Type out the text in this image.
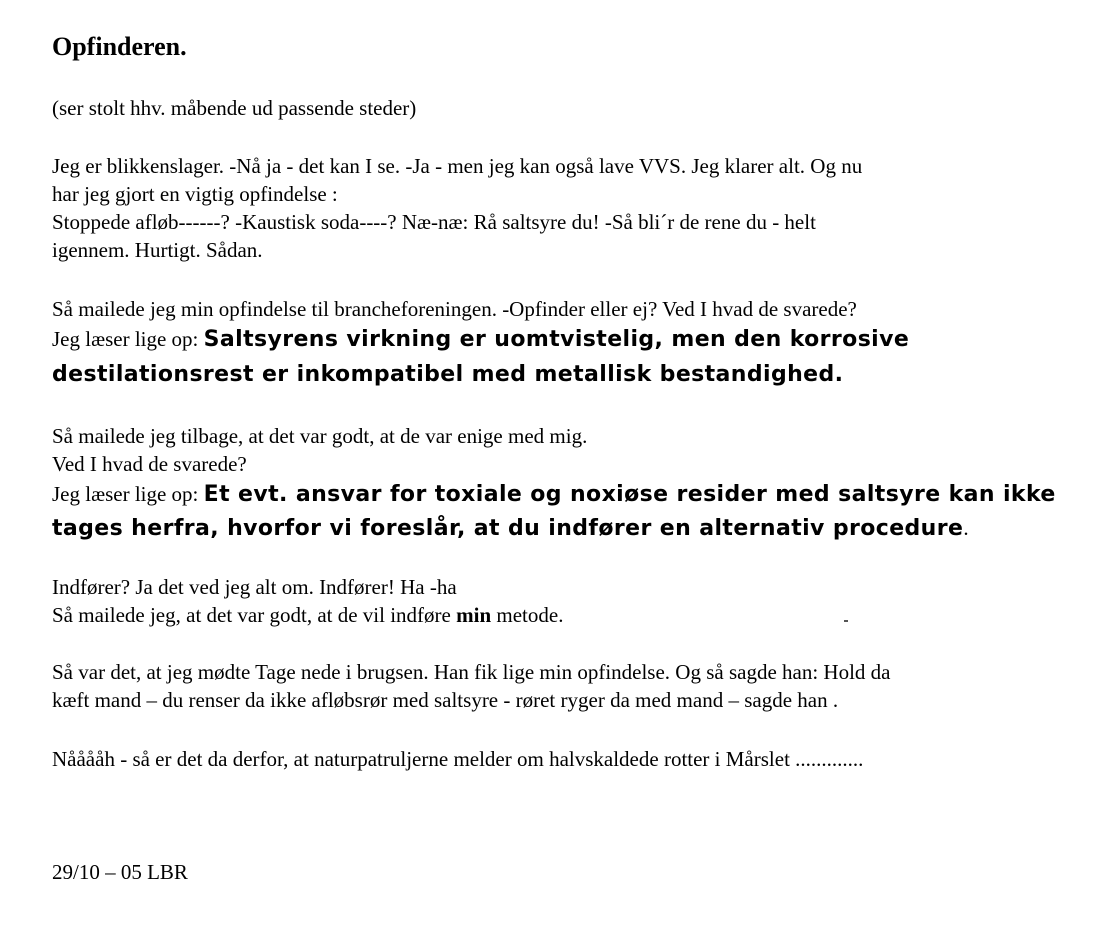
Opfinderen.
(ser stolt hhv. måbende ud passende steder)
Jeg er blikkenslager. -Nå ja - det kan I se. -Ja - men jeg kan også lave VVS. Jeg klarer alt. Og nu
har jeg gjort en vigtig opfindelse :
Stoppede afløb------? -Kaustisk soda----? Næ-næ: Rå saltsyre du! -Så bli´r de rene du - helt
igennem. Hurtigt. Sådan.
Så mailede jeg min opfindelse til brancheforeningen. -Opfinder eller ej? Ved I hvad de svarede?
Jeg læser lige op: Saltsyrens virkning er uomtvistelig, men den korrosive
destilationsrest er inkompatibel med metallisk bestandighed.
Så mailede jeg tilbage, at det var godt, at de var enige med mig.
Ved I hvad de svarede?
Jeg læser lige op: Et evt. ansvar for toxiale og noxiøse resider med saltsyre kan ikke
tages herfra, hvorfor vi foreslår, at du indfører en alternativ procedure.
Indfører? Ja det ved jeg alt om. Indfører! Ha -ha
Så mailede jeg, at det var godt, at de vil indføre min metode.
Så var det, at jeg mødte Tage nede i brugsen. Han fik lige min opfindelse. Og så sagde han: Hold da
kæft mand – du renser da ikke afløbsrør med saltsyre - røret ryger da med mand – sagde han .
Nååååh - så er det da derfor, at naturpatruljerne melder om halvskaldede rotter i Mårslet .............
29/10 – 05 LBR
